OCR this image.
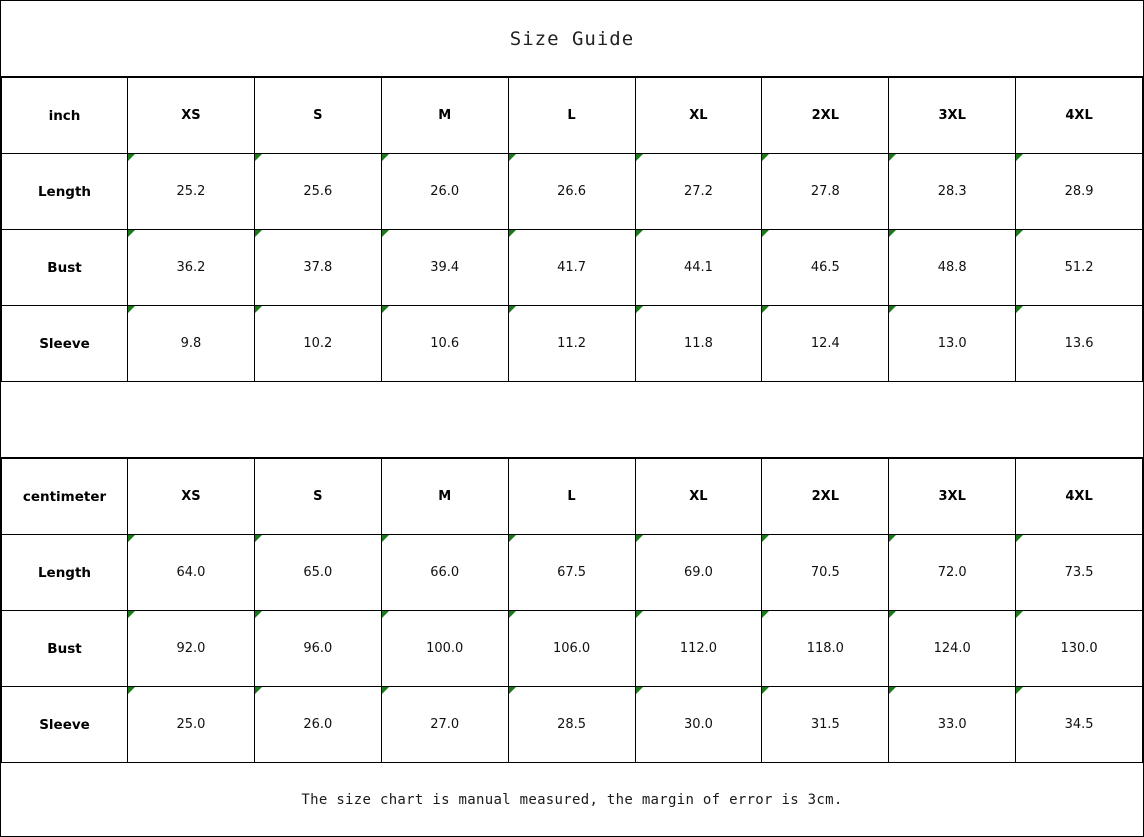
Size Guide
inch	XS	S	M	L	XL	2XL	3XL	4XL
Length	25.2	25.6	26.0	26.6	27.2	27.8	28.3	28.9
Bust	36.2	37.8	39.4	41.7	44.1	46.5	48.8	51.2
Sleeve	9.8	10.2	10.6	11.2	11.8	12.4	13.0	13.6
centimeter	XS	S	M	L	XL	2XL	3XL	4XL
Length	64.0	65.0	66.0	67.5	69.0	70.5	72.0	73.5
Bust	92.0	96.0	100.0	106.0	112.0	118.0	124.0	130.0
Sleeve	25.0	26.0	27.0	28.5	30.0	31.5	33.0	34.5
The size chart is manual measured, the margin of error is 3cm.
